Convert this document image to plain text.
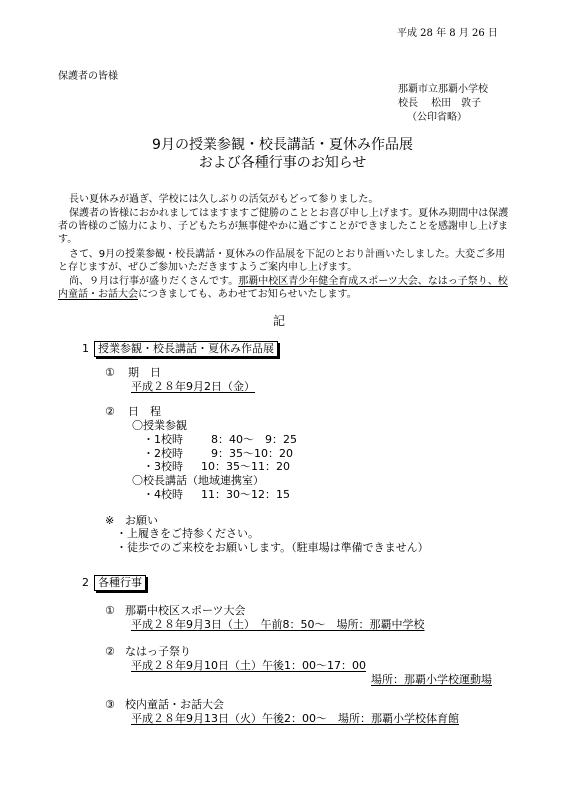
平成 28 年 8 月 26 日
保護者の皆様
那覇市立那覇小学校
校長　 松田　敦子
（公印省略）
9月の授業参観・校長講話・夏休み作品展
および各種行事のお知らせ
長い夏休みが過ぎ、学校には久しぶりの活気がもどって参りました。
保護者の皆様におかれましてはますますご健勝のこととお喜び申し上げます。夏休み期間中は保護者の皆様のご協力により、子どもたちが無事健やかに過ごすことができましたことを感謝申し上げます。
さて、9月の授業参観・校長講話・夏休みの作品展を下記のとおり計画いたしました。大変ご多用と存じますが、ぜひご参加いただきますようご案内申し上げます。
尚、９月は行事が盛りだくさんです。那覇中校区青少年健全育成スポーツ大会、なはっ子祭り、校内童話・お話大会につきましても、あわせてお知らせいたします。
記
1 授業参観・校長講話・夏休み作品展
① 期　日
平成２８年9月2日（金）
② 日　程
〇授業参観
・1校時	8：40～　9：25
・2校時	9：35～10：20
・3校時 10：35～11：20
〇校長講話（地域連携室）
・4校時 11：30～12：15
※ お願い
・上履きをご持参ください。
・徒歩でのご来校をお願いします。（駐車場は準備できません）
2 各種行事
① 那覇中校区スポーツ大会
平成２８年9月3日（土）　午前8：50～　場所：那覇中学校
② なはっ子祭り
平成２８年9月10日（土）午後1：00～17：00
場所：那覇小学校運動場
③ 校内童話・お話大会
平成２８年9月13日（火）午後2：00～　場所：那覇小学校体育館
